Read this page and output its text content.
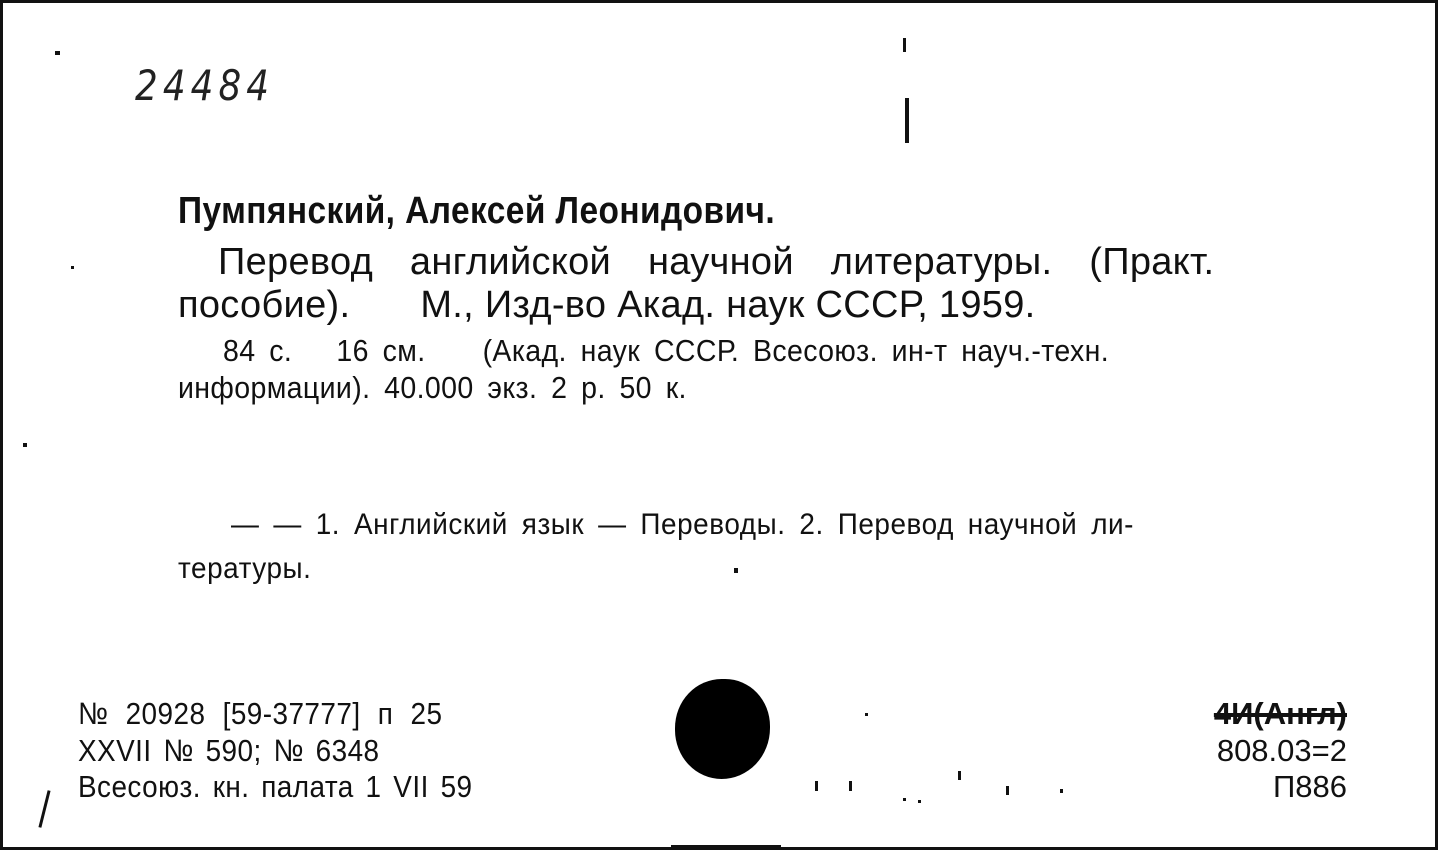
24484
Пумпянский, Алексей Леонидович.
Перевод английской научной литературы. (Практ.
пособие). М., Изд-во Акад. наук СССР, 1959.
84 с. 16 см. (Акад. наук СССР. Всесоюз. ин-т науч.-техн.
информации). 40.000 экз. 2 р. 50 к.
— — 1. Английский язык — Переводы. 2. Перевод научной ли-
тературы.
№ 20928 [59-37777] п 25
XXVII № 590; № 6348
Всесоюз. кн. палата 1 VII 59
4И(Англ)
808.03=2
П886
